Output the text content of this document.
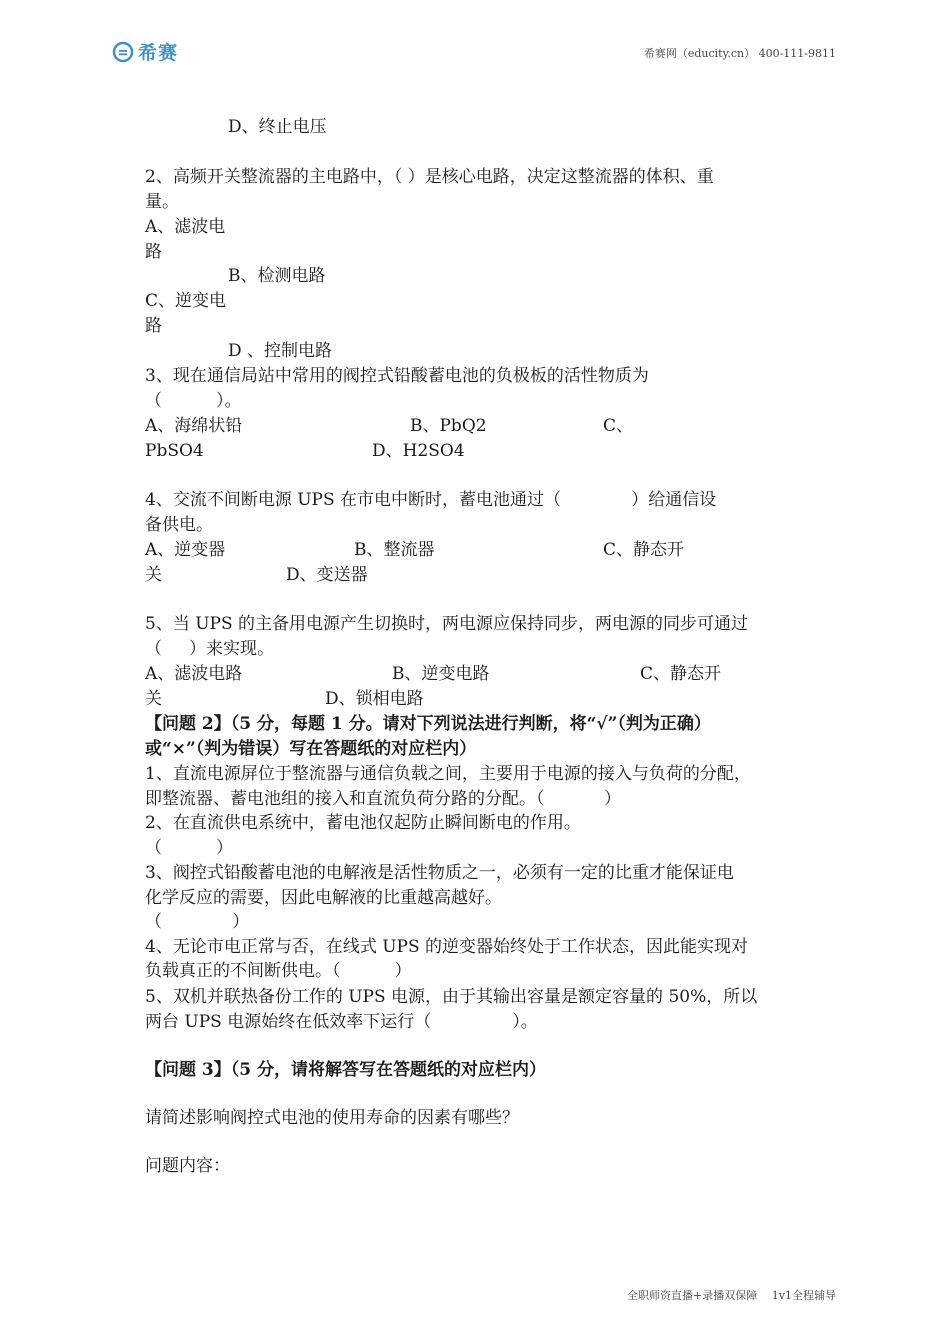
希赛	希赛网（educity.cn） 400-111-9811
D、终止电压
2、高频开关整流器的主电路中，（ ）是核心电路，决定这整流器的体积、重
量。
A、滤波电
路
B、检测电路
C、逆变电
路
D 、控制电路
3、现在通信局站中常用的阀控式铅酸蓄电池的负极板的活性物质为
（          ）。
A、海绵状铅	B、PbQ2	C、
PbSO4	D、H2SO4
4、交流不间断电源 UPS 在市电中断时，蓄电池通过（             ）给通信设
备供电。
A、逆变器	B、整流器	C、静态开
关	D、变送器
5、当 UPS 的主备用电源产生切换时，两电源应保持同步，两电源的同步可通过
（     ）来实现。
A、滤波电路	B、逆变电路	C、静态开
关	D、锁相电路
【问题 2】（5 分，每题 1 分。请对下列说法进行判断，将“√”（判为正确）
或“×”（判为错误）写在答题纸的对应栏内）
1、直流电源屏位于整流器与通信负载之间，主要用于电源的接入与负荷的分配，
即整流器、蓄电池组的接入和直流负荷分路的分配。（           ）
2、在直流供电系统中，蓄电池仅起防止瞬间断电的作用。
（          ）
3、阀控式铅酸蓄电池的电解液是活性物质之一，必须有一定的比重才能保证电
化学反应的需要，因此电解液的比重越高越好。
（             ）
4、无论市电正常与否，在线式 UPS 的逆变器始终处于工作状态，因此能实现对
负载真正的不间断供电。（          ）
5、双机并联热备份工作的 UPS 电源，由于其输出容量是额定容量的 50%，所以
两台 UPS 电源始终在低效率下运行（               ）。
【问题 3】（5 分，请将解答写在答题纸的对应栏内）
请简述影响阀控式电池的使用寿命的因素有哪些？
问题内容：
全职师资直播+录播双保障　 1v1全程辅导
